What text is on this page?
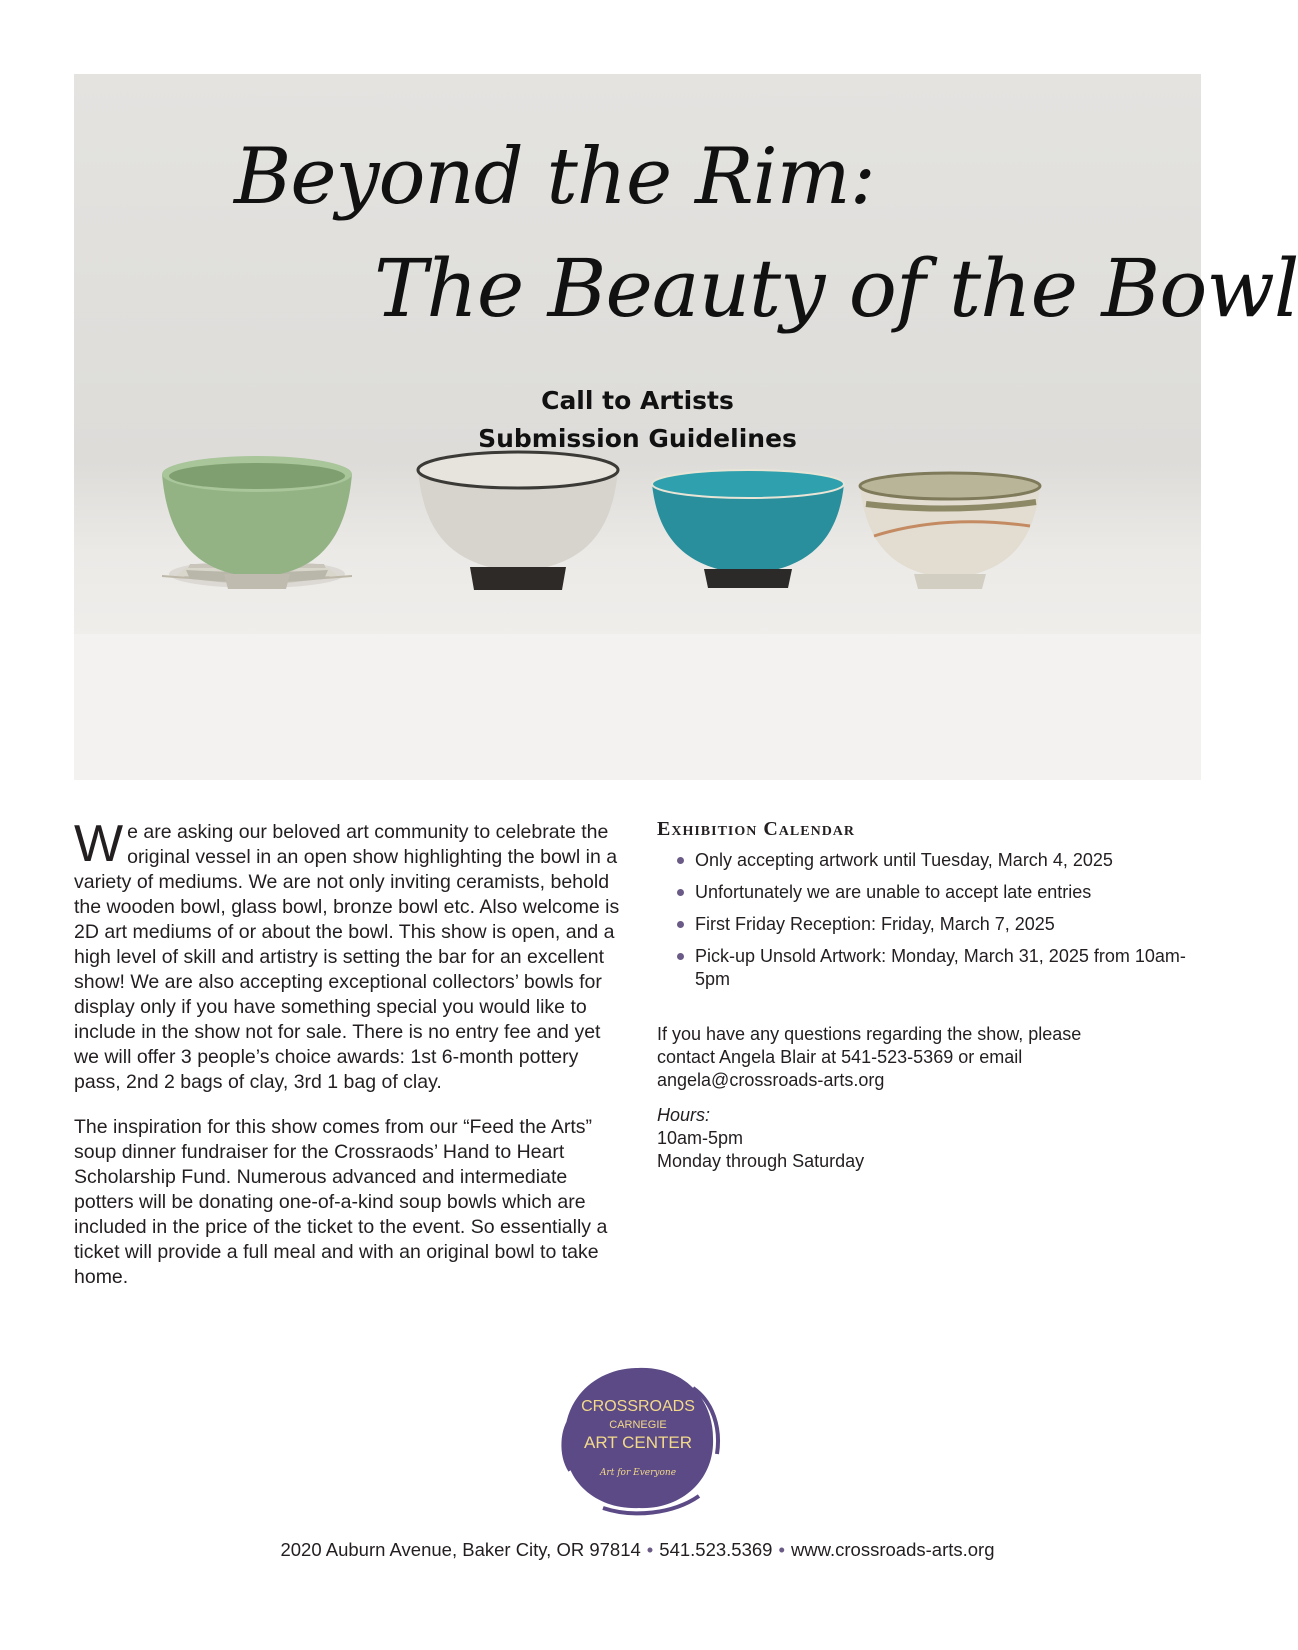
Beyond the Rim:
The Beauty of the Bowl
Call to Artists
Submission Guidelines

We are asking our beloved art community to celebrate the original vessel in an open show highlighting the bowl in a variety of mediums. We are not only inviting ceramists, behold the wooden bowl, glass bowl, bronze bowl etc. Also welcome is 2D art mediums of or about the bowl. This show is open, and a high level of skill and artistry is setting the bar for an excellent show! We are also accepting exceptional collectors’ bowls for display only if you have something special you would like to include in the show not for sale. There is no entry fee and yet we will offer 3 people’s choice awards: 1st 6-month pottery pass, 2nd 2 bags of clay, 3rd 1 bag of clay.

The inspiration for this show comes from our “Feed the Arts” soup dinner fundraiser for the Crossraods’ Hand to Heart Scholarship Fund. Numerous advanced and intermediate potters will be donating one-of-a-kind soup bowls which are included in the price of the ticket to the event. So essentially a ticket will provide a full meal and with an original bowl to take home.

Exhibition Calendar
Only accepting artwork until Tuesday, March 4, 2025
Unfortunately we are unable to accept late entries
First Friday Reception: Friday, March 7, 2025
Pick-up Unsold Artwork: Monday, March 31, 2025 from 10am-5pm
If you have any questions regarding the show, please
contact Angela Blair at 541-523-5369 or email
angela@crossroads-arts.org
Hours:
10am-5pm
Monday through Saturday
CROSSROADS
CARNEGIE
ART CENTER
Art for Everyone
2020 Auburn Avenue, Baker City, OR 97814 • 541.523.5369 • www.crossroads-arts.org
